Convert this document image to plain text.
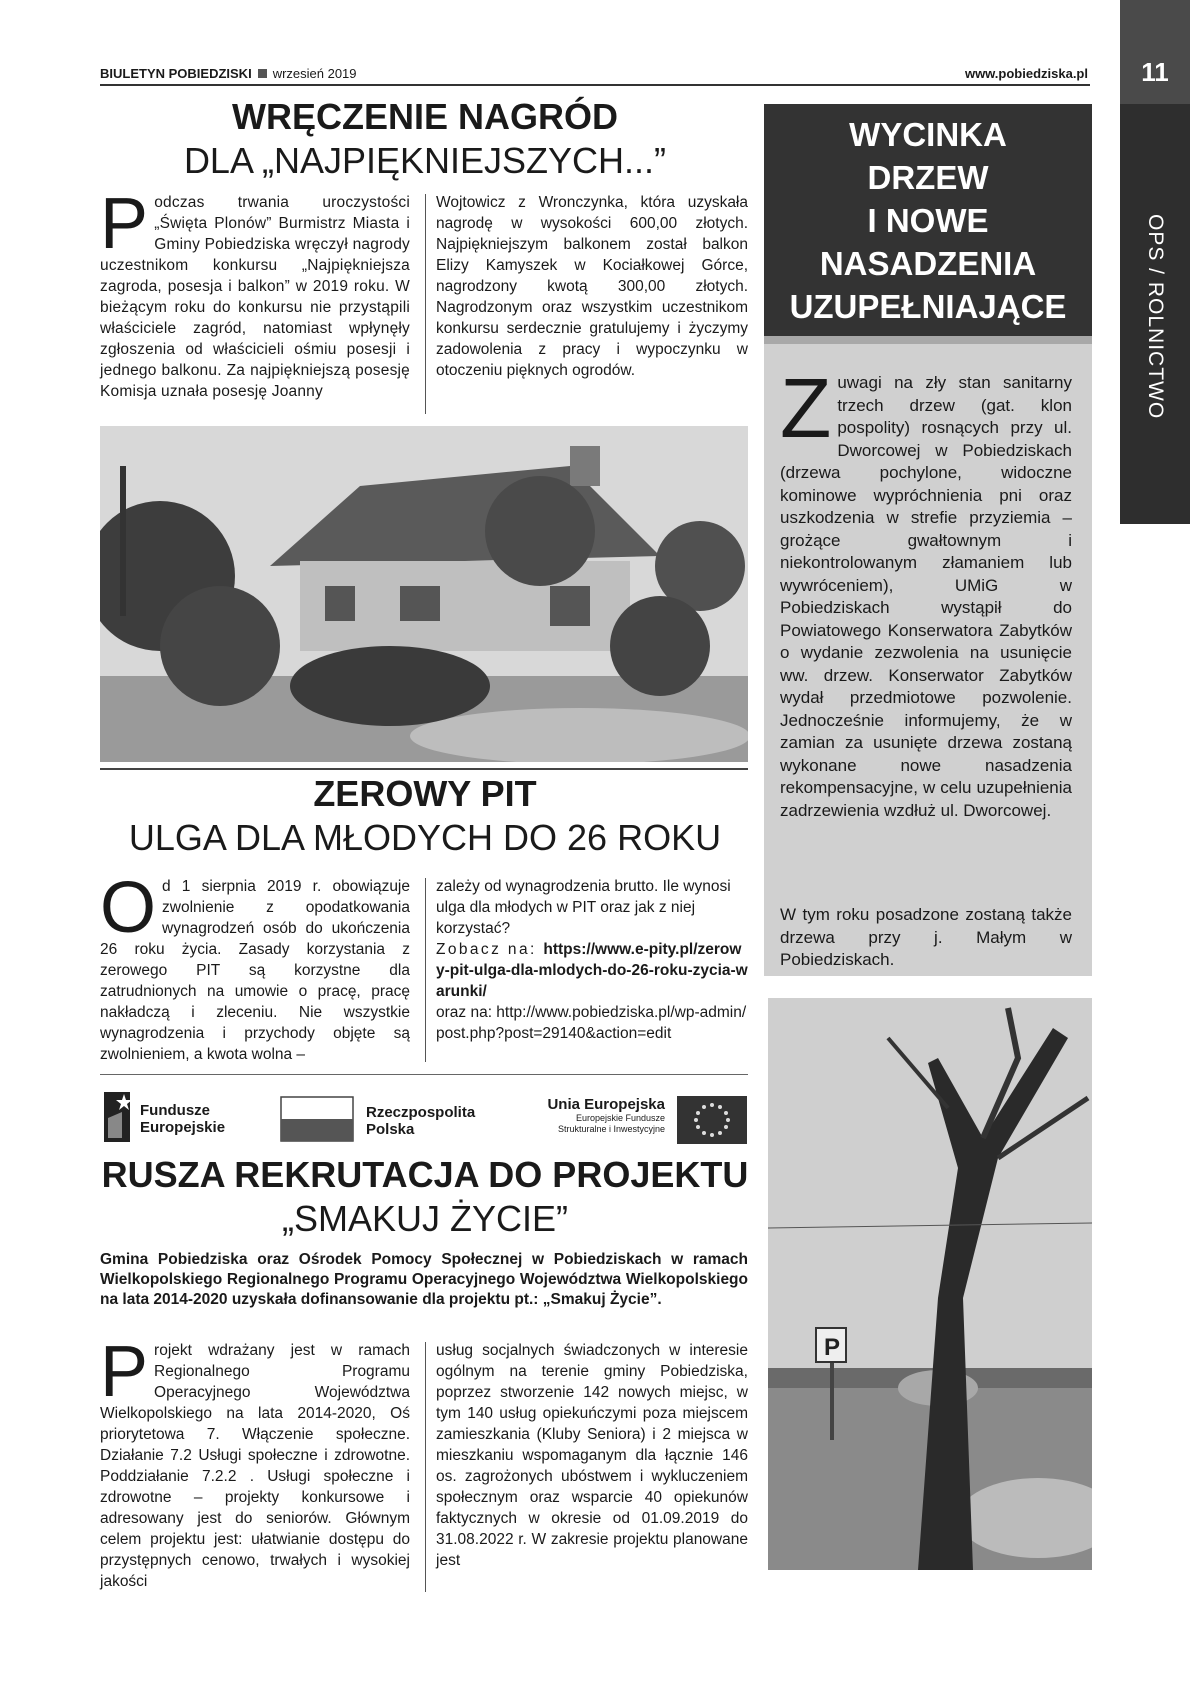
BIULETYN POBIEDZISKI wrzesień 2019	www.pobiedziska.pl	11
OPS / ROLNICTWO
WRĘCZENIE NAGRÓD
DLA „NAJPIĘKNIEJSZYCH...”
Podczas trwania uroczystości „Święta Plonów” Burmistrz Miasta i Gminy Pobiedziska wręczył nagrody uczestnikom konkursu „Najpiękniejsza zagroda, posesja i balkon” w 2019 roku. W bieżącym roku do konkursu nie przystąpili właściciele zagród, natomiast wpłynęły zgłoszenia od właścicieli ośmiu posesji i jednego balkonu. Za najpiękniejszą posesję Komisja uznała posesję Joanny
Wojtowicz z Wronczynka, która uzyskała nagrodę w wysokości 600,00 złotych. Najpiękniejszym balkonem został balkon Elizy Kamyszek w Kociałkowej Górce, nagrodzony kwotą 300,00 złotych. Nagrodzonym oraz wszystkim uczestnikom konkursu serdecznie gratulujemy i życzymy zadowolenia z pracy i wypoczynku w otoczeniu pięknych ogrodów.
ZEROWY PIT
ULGA DLA MŁODYCH DO 26 ROKU
Od 1 sierpnia 2019 r. obowiązuje zwolnienie z opodatkowania wynagrodzeń osób do ukończenia 26 roku życia. Zasady korzystania z zerowego PIT są korzystne dla zatrudnionych na umowie o pracę, pracę nakładczą i zleceniu. Nie wszystkie wynagrodzenia i przychody objęte są zwolnieniem, a kwota wolna –
zależy od wynagrodzenia brutto. Ile wynosi ulga dla młodych w PIT oraz jak z niej korzystać?
Zobacz na: https://www.e-pity.pl/zerowy-pit-ulga-dla-mlodych-do-26-roku-zycia-warunki/
oraz na: http://www.pobiedziska.pl/wp-admin/post.php?post=29140&action=edit
Fundusze
Europejskie
Rzeczpospolita
Polska
Unia Europejska
Europejskie Fundusze
Strukturalne i Inwestycyjne
RUSZA REKRUTACJA DO PROJEKTU
„SMAKUJ ŻYCIE”
Gmina Pobiedziska oraz Ośrodek Pomocy Społecznej w Pobiedziskach w ramach Wielkopolskiego Regionalnego Programu Operacyjnego Województwa Wielkopolskiego na lata 2014-2020 uzyskała dofinansowanie dla projektu pt.: „Smakuj Życie”.
Projekt wdrażany jest w ramach Regionalnego Programu Operacyjnego Województwa Wielkopolskiego na lata 2014-2020, Oś priorytetowa 7. Włączenie społeczne. Działanie 7.2 Usługi społeczne i zdrowotne. Poddziałanie 7.2.2 . Usługi społeczne i zdrowotne – projekty konkursowe i adresowany jest do seniorów. Głównym celem projektu jest: ułatwianie dostępu do przystępnych cenowo, trwałych i wysokiej jakości
usług socjalnych świadczonych w interesie ogólnym na terenie gminy Pobiedziska, poprzez stworzenie 142 nowych miejsc, w tym 140 usług opiekuńczymi poza miejscem zamieszkania (Kluby Seniora) i 2 miejsca w mieszkaniu wspomaganym dla łącznie 146 os. zagrożonych ubóstwem i wykluczeniem społecznym oraz wsparcie 40 opiekunów faktycznych w okresie od 01.09.2019 do 31.08.2022 r. W zakresie projektu planowane jest
WYCINKA
DRZEW
I NOWE
NASADZENIA
UZUPEŁNIAJĄCE
Zuwagi na zły stan sanitarny trzech drzew (gat. klon pospolity) rosnących przy ul. Dworcowej w Pobiedziskach (drzewa pochylone, widoczne kominowe wypróchnienia pni oraz uszkodzenia w strefie przyziemia – grożące gwałtownym i niekontrolowanym złamaniem lub wywróceniem), UMiG w Pobiedziskach wystąpił do Powiatowego Konserwatora Zabytków o wydanie zezwolenia na usunięcie ww. drzew. Konserwator Zabytków wydał przedmiotowe pozwolenie. Jednocześnie informujemy, że w zamian za usunięte drzewa zostaną wykonane nowe nasadzenia rekompensacyjne, w celu uzupełnienia zadrzewienia wzdłuż ul. Dworcowej.
W tym roku posadzone zostaną także drzewa przy j. Małym w Pobiedziskach.
P
